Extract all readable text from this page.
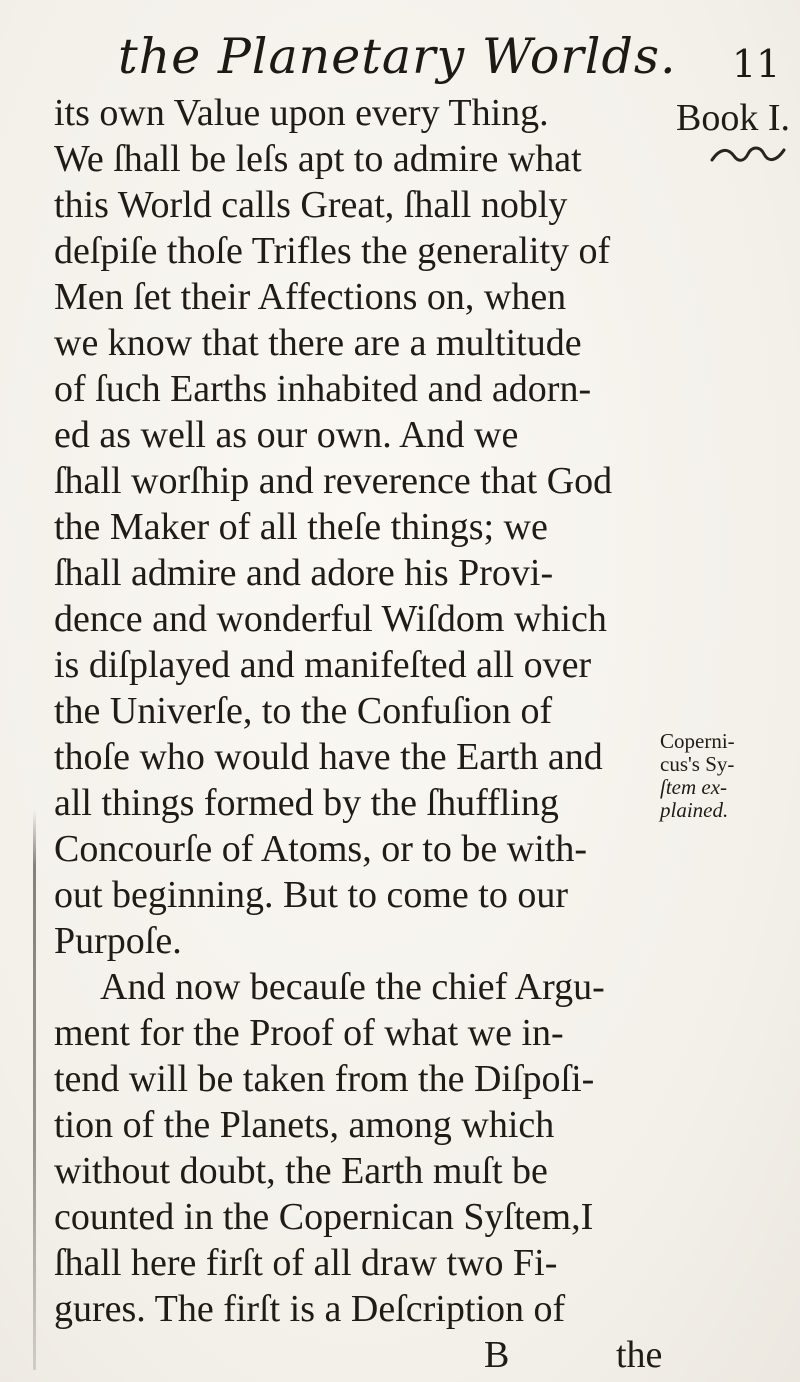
the Planetary Worlds. 11
Book I.
its own Value upon every Thing.
We ſhall be leſs apt to admire what
this World calls Great, ſhall nobly
deſpiſe thoſe Trifles the generality of
Men ſet their Affections on, when
we know that there are a multitude
of ſuch Earths inhabited and adorn-
ed as well as our own. And we
ſhall worſhip and reverence that God
the Maker of all theſe things; we
ſhall admire and adore his Provi-
dence and wonderful Wiſdom which
is diſplayed and manifeſted all over
the Univerſe, to the Confuſion of
thoſe who would have the Earth and
all things formed by the ſhuffling
Concourſe of Atoms, or to be with-
out beginning. But to come to our
Purpoſe.
And now becauſe the chief Argu-
ment for the Proof of what we in-
tend will be taken from the Diſpoſi-
tion of the Planets, among which
without doubt, the Earth muſt be
counted in the Copernican Syſtem,I
ſhall here firſt of all draw two Fi-
gures. The firſt is a Deſcription of
B	the
Coperni-
cus's Sy-
ſtem ex-
plained.
